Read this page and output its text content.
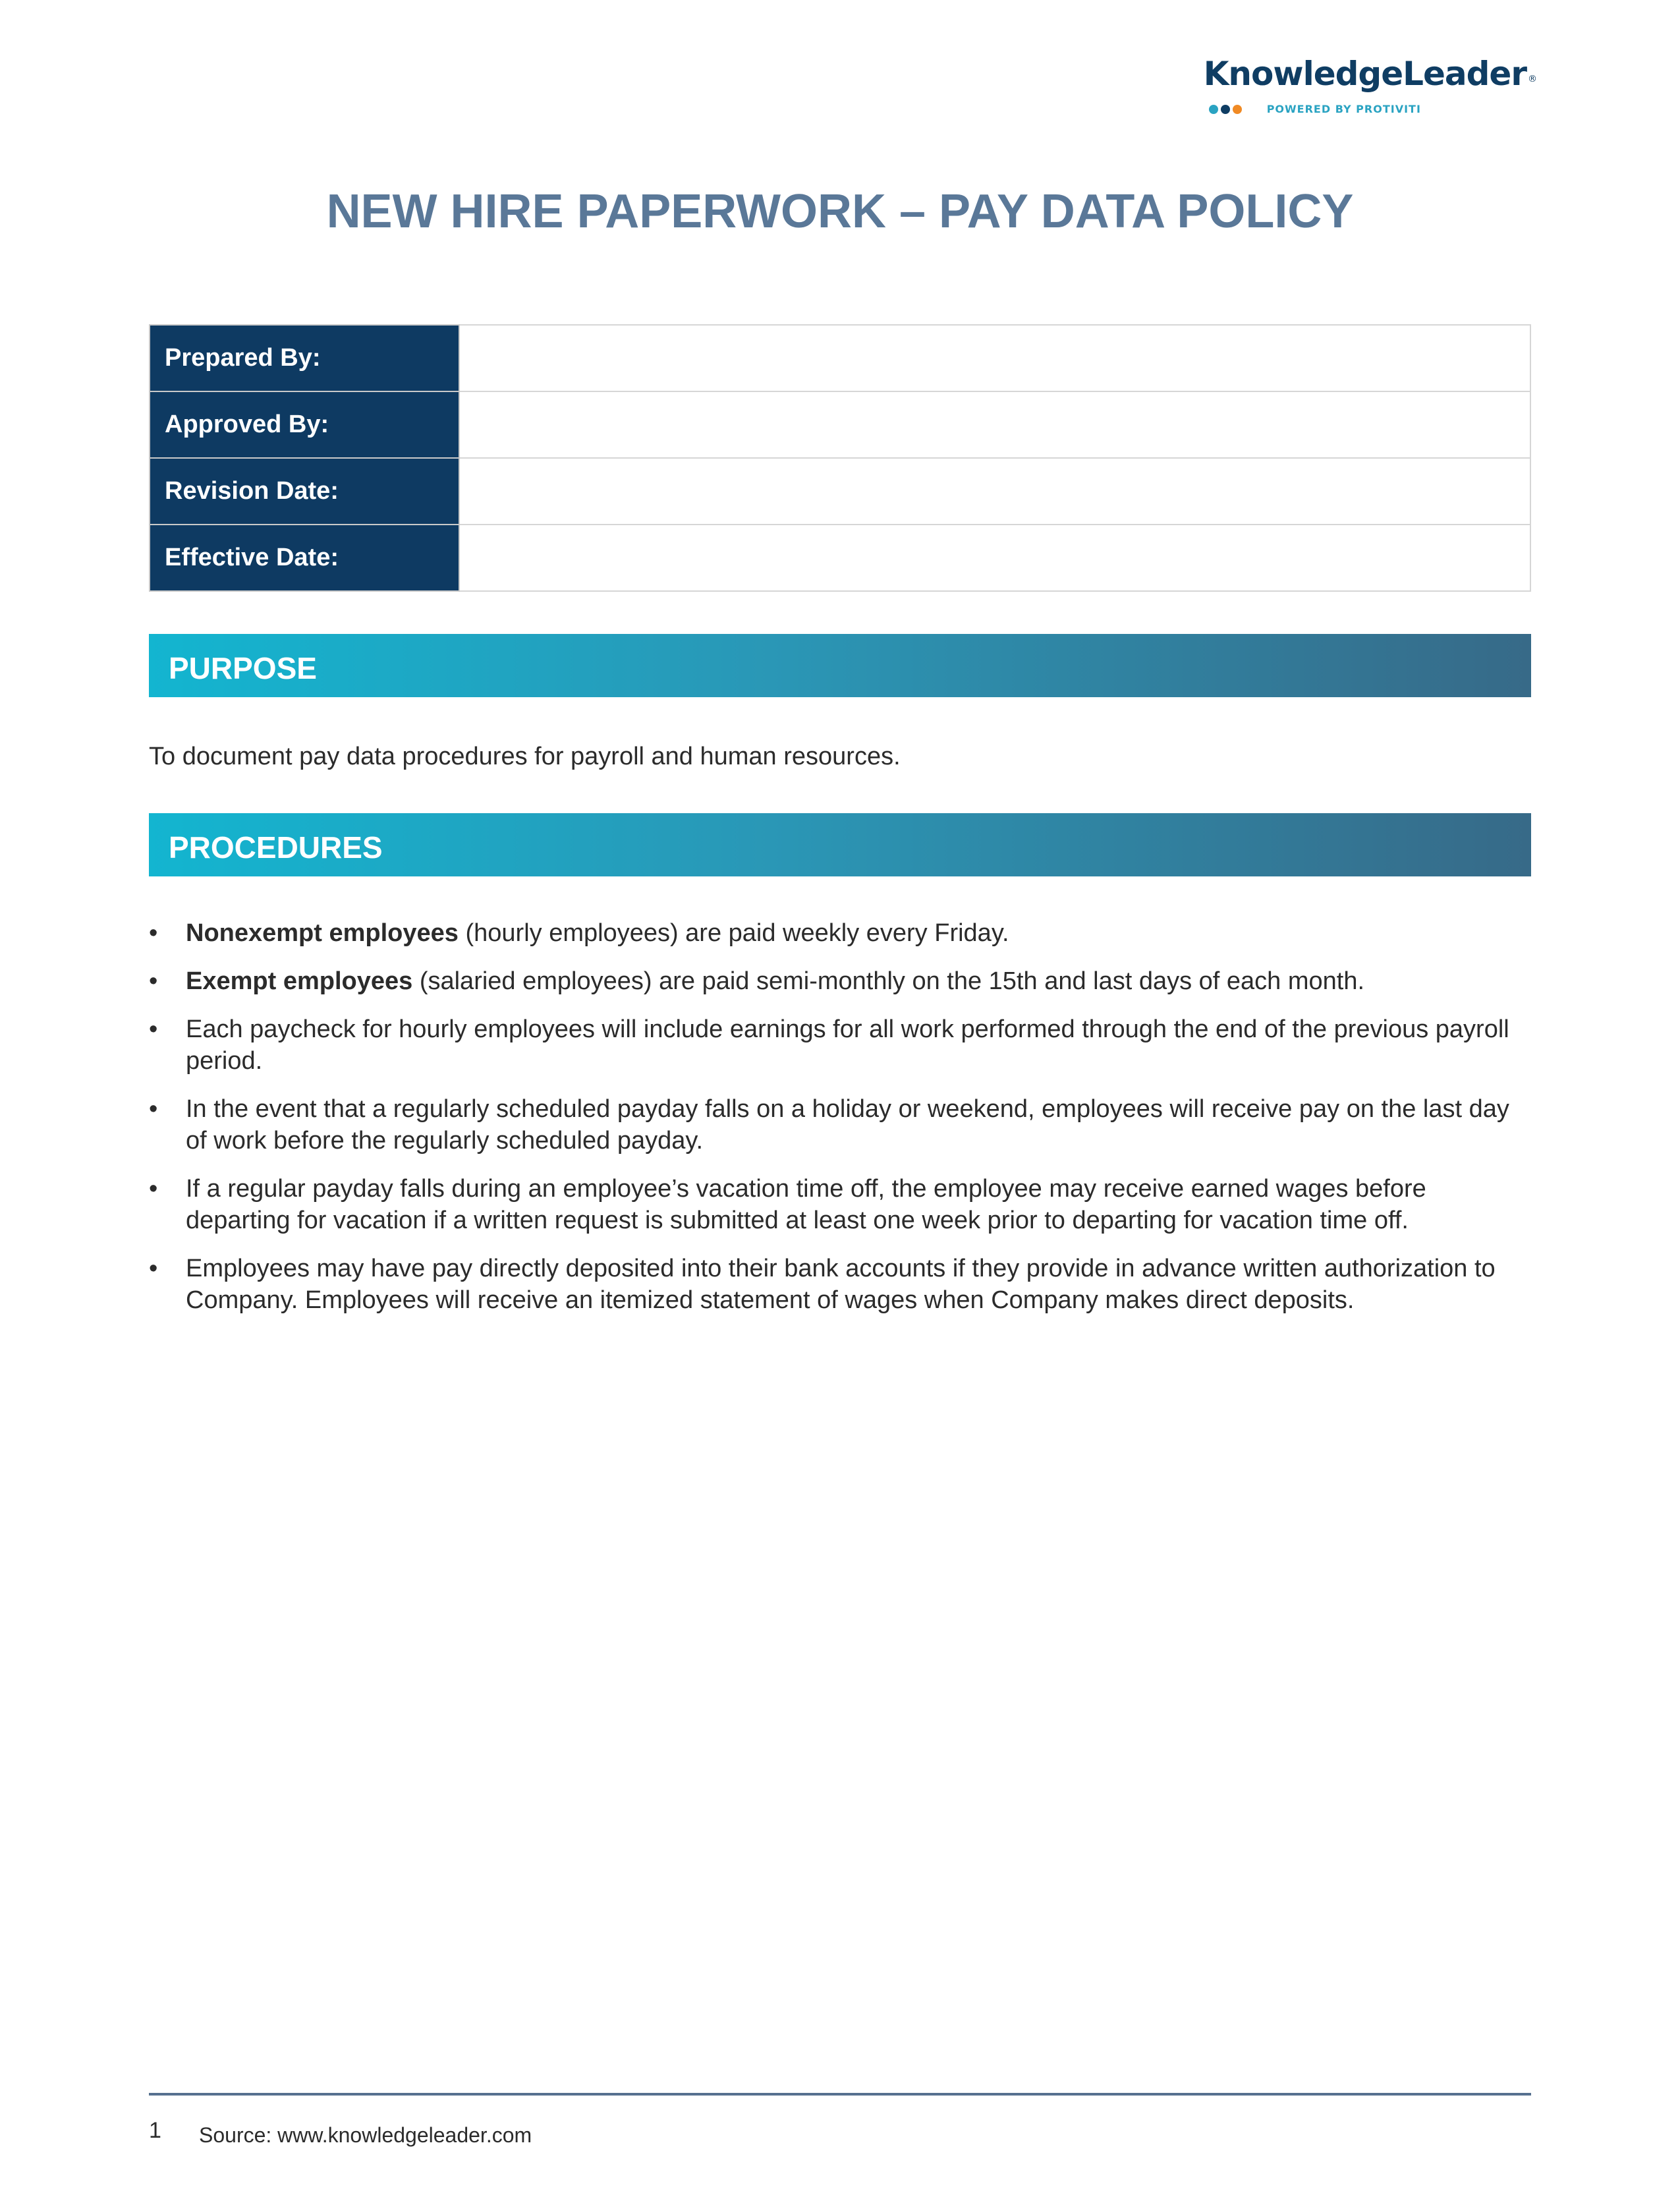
KnowledgeLeader ®
POWERED BY PROTIVITI
NEW HIRE PAPERWORK – PAY DATA POLICY
Prepared By:	
Approved By:	
Revision Date:	
Effective Date:	
PURPOSE

To document pay data procedures for payroll and human resources.

PROCEDURES
• Nonexempt employees (hourly employees) are paid weekly every Friday.
• Exempt employees (salaried employees) are paid semi-monthly on the 15th and last days of each month.
• Each paycheck for hourly employees will include earnings for all work performed through the end of the previous payroll period.
• In the event that a regularly scheduled payday falls on a holiday or weekend, employees will receive pay on the last day of work before the regularly scheduled payday.
• If a regular payday falls during an employee’s vacation time off, the employee may receive earned wages before departing for vacation if a written request is submitted at least one week prior to departing for vacation time off.
• Employees may have pay directly deposited into their bank accounts if they provide in advance written authorization to Company. Employees will receive an itemized statement of wages when Company makes direct deposits.
1 Source: www.knowledgeleader.com
